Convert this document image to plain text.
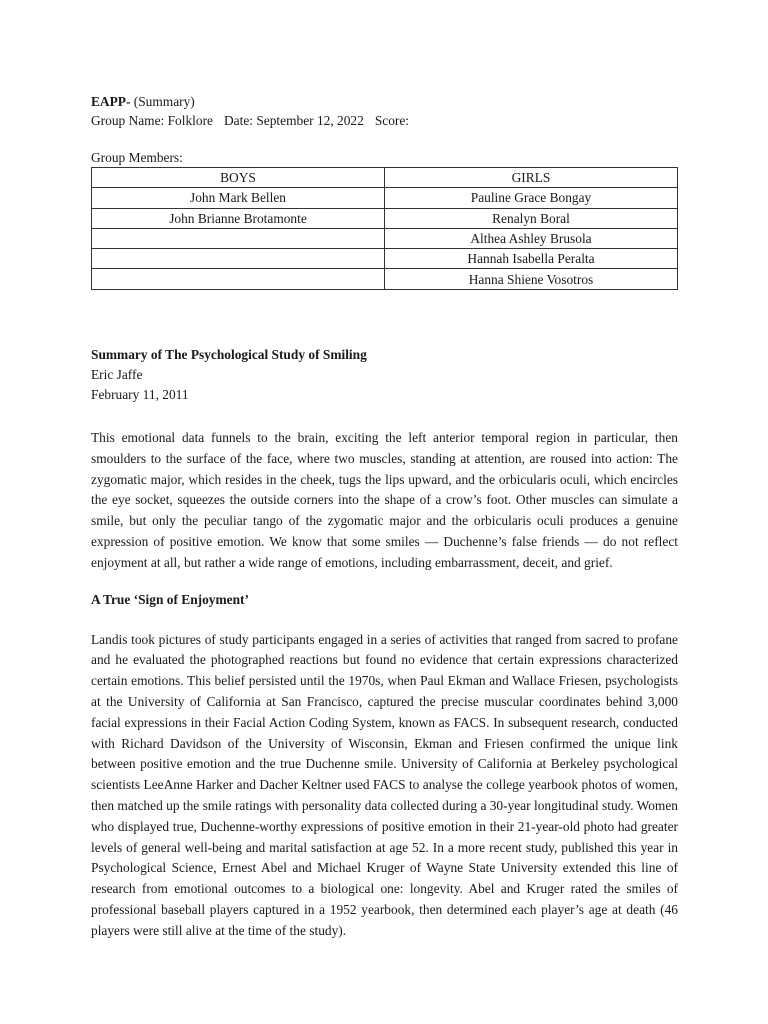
EAPP- (Summary)
Group Name: Folklore Date: September 12, 2022 Score:
Group Members:
BOYS	GIRLS
John Mark Bellen	Pauline Grace Bongay
John Brianne Brotamonte	Renalyn Boral
	Althea Ashley Brusola
	Hannah Isabella Peralta
	Hanna Shiene Vosotros
Summary of The Psychological Study of Smiling
Eric Jaffe
February 11, 2011

This emotional data funnels to the brain, exciting the left anterior temporal region in particular, then smoulders to the surface of the face, where two muscles, standing at attention, are roused into action: The zygomatic major, which resides in the cheek, tugs the lips upward, and the orbicularis oculi, which encircles the eye socket, squeezes the outside corners into the shape of a crow’s foot. Other muscles can simulate a smile, but only the peculiar tango of the zygomatic major and the orbicularis oculi produces a genuine expression of positive emotion. We know that some smiles — Duchenne’s false friends — do not reflect enjoyment at all, but rather a wide range of emotions, including embarrassment, deceit, and grief.

A True ‘Sign of Enjoyment’

Landis took pictures of study participants engaged in a series of activities that ranged from sacred to profane and he evaluated the photographed reactions but found no evidence that certain expressions characterized certain emotions. This belief persisted until the 1970s, when Paul Ekman and Wallace Friesen, psychologists at the University of California at San Francisco, captured the precise muscular coordinates behind 3,000 facial expressions in their Facial Action Coding System, known as FACS. In subsequent research, conducted with Richard Davidson of the University of Wisconsin, Ekman and Friesen confirmed the unique link between positive emotion and the true Duchenne smile. University of California at Berkeley psychological scientists LeeAnne Harker and Dacher Keltner used FACS to analyse the college yearbook photos of women, then matched up the smile ratings with personality data collected during a 30-year longitudinal study. Women who displayed true, Duchenne-worthy expressions of positive emotion in their 21-year-old photo had greater levels of general well-being and marital satisfaction at age 52. In a more recent study, published this year in Psychological Science, Ernest Abel and Michael Kruger of Wayne State University extended this line of research from emotional outcomes to a biological one: longevity. Abel and Kruger rated the smiles of professional baseball players captured in a 1952 yearbook, then determined each player’s age at death (46 players were still alive at the time of the study).
